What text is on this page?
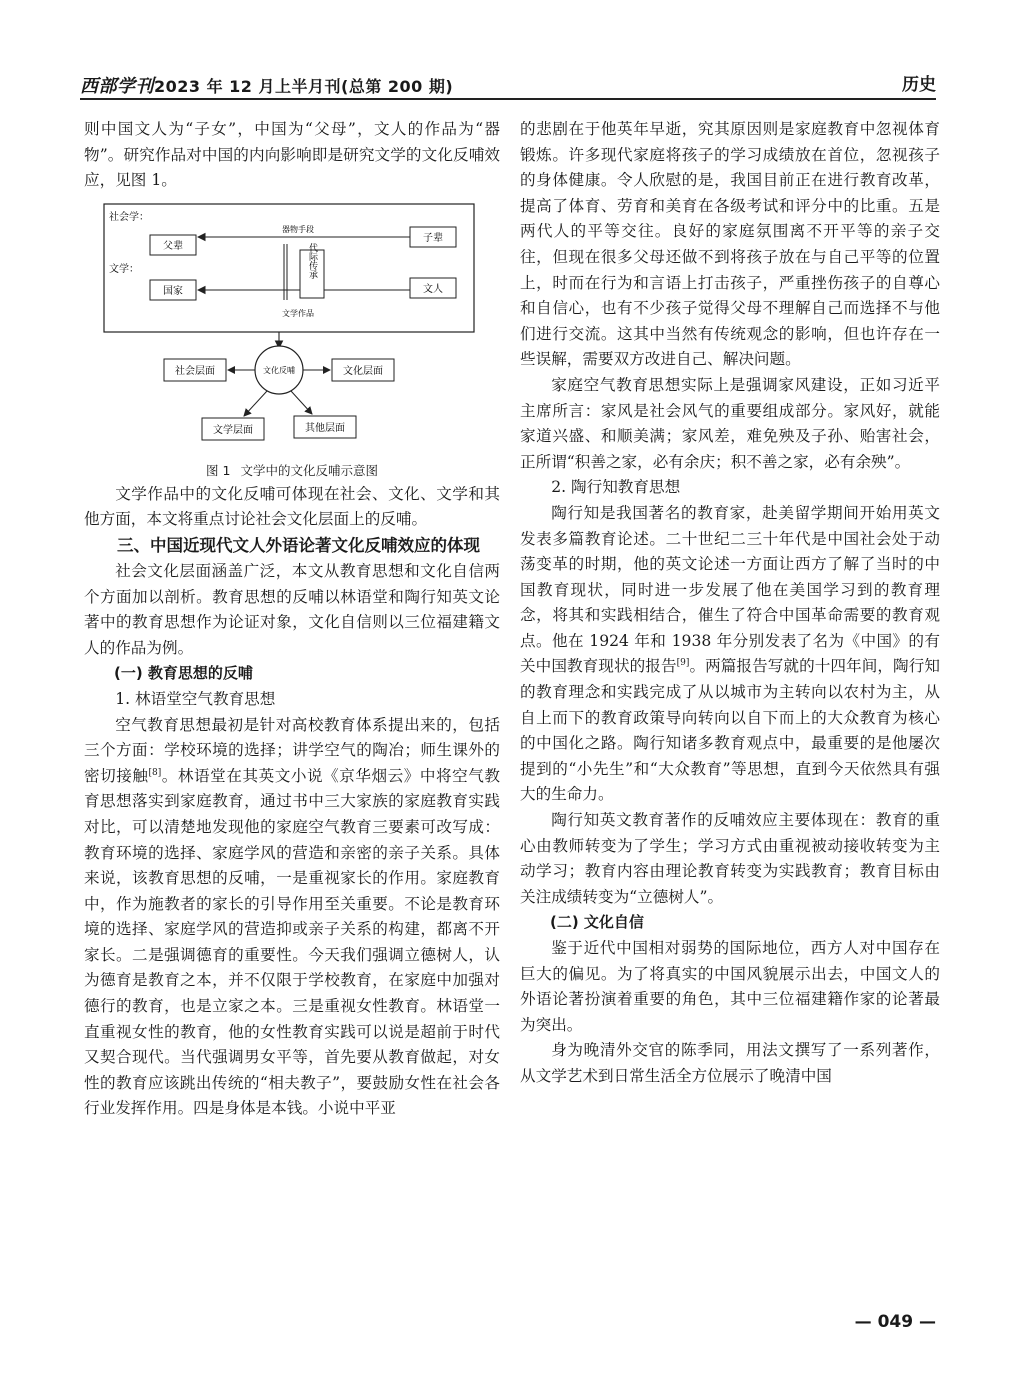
西部学刊2023 年 12 月上半月刊(总第 200 期)	历史

则中国文人为“子女”，中国为“父母”，文人的作品为“器物”。研究作品对中国的内向影响即是研究文学的文化反哺效应，见图 1。

社会学：
文学：
父辈
子辈
国家	文人
器物手段
文学作品
代际传承
文化反哺
社会层面	文化层面
文学层面	其他层面

图 1 文学中的文化反哺示意图

文学作品中的文化反哺可体现在社会、文化、文学和其他方面，本文将重点讨论社会文化层面上的反哺。

三、中国近现代文人外语论著文化反哺效应的体现

社会文化层面涵盖广泛，本文从教育思想和文化自信两个方面加以剖析。教育思想的反哺以林语堂和陶行知英文论著中的教育思想作为论证对象，文化自信则以三位福建籍文人的作品为例。

(一) 教育思想的反哺

1. 林语堂空气教育思想

空气教育思想最初是针对高校教育体系提出来的，包括三个方面：学校环境的选择；讲学空气的陶冶；师生课外的密切接触[8]。林语堂在其英文小说《京华烟云》中将空气教育思想落实到家庭教育，通过书中三大家族的家庭教育实践对比，可以清楚地发现他的家庭空气教育三要素可改写成：教育环境的选择、家庭学风的营造和亲密的亲子关系。具体来说，该教育思想的反哺，一是重视家长的作用。家庭教育中，作为施教者的家长的引导作用至关重要。不论是教育环境的选择、家庭学风的营造抑或亲子关系的构建，都离不开家长。二是强调德育的重要性。今天我们强调立德树人，认为德育是教育之本，并不仅限于学校教育，在家庭中加强对德行的教育，也是立家之本。三是重视女性教育。林语堂一直重视女性的教育，他的女性教育实践可以说是超前于时代又契合现代。当代强调男女平等，首先要从教育做起，对女性的教育应该跳出传统的“相夫教子”，要鼓励女性在社会各行业发挥作用。四是身体是本钱。小说中平亚

的悲剧在于他英年早逝，究其原因则是家庭教育中忽视体育锻炼。许多现代家庭将孩子的学习成绩放在首位，忽视孩子的身体健康。令人欣慰的是，我国目前正在进行教育改革，提高了体育、劳育和美育在各级考试和评分中的比重。五是两代人的平等交往。良好的家庭氛围离不开平等的亲子交往，但现在很多父母还做不到将孩子放在与自己平等的位置上，时而在行为和言语上打击孩子，严重挫伤孩子的自尊心和自信心，也有不少孩子觉得父母不理解自己而选择不与他们进行交流。这其中当然有传统观念的影响，但也许存在一些误解，需要双方改进自己、解决问题。

家庭空气教育思想实际上是强调家风建设，正如习近平主席所言：家风是社会风气的重要组成部分。家风好，就能家道兴盛、和顺美满；家风差，难免殃及子孙、贻害社会，正所谓“积善之家，必有余庆；积不善之家，必有余殃”。

2. 陶行知教育思想

陶行知是我国著名的教育家，赴美留学期间开始用英文发表多篇教育论述。二十世纪二三十年代是中国社会处于动荡变革的时期，他的英文论述一方面让西方了解了当时的中国教育现状，同时进一步发展了他在美国学习到的教育理念，将其和实践相结合，催生了符合中国革命需要的教育观点。他在 1924 年和 1938 年分别发表了名为《中国》的有关中国教育现状的报告[9]。两篇报告写就的十四年间，陶行知的教育理念和实践完成了从以城市为主转向以农村为主，从自上而下的教育政策导向转向以自下而上的大众教育为核心的中国化之路。陶行知诸多教育观点中，最重要的是他屡次提到的“小先生”和“大众教育”等思想，直到今天依然具有强大的生命力。

陶行知英文教育著作的反哺效应主要体现在：教育的重心由教师转变为了学生；学习方式由重视被动接收转变为主动学习；教育内容由理论教育转变为实践教育；教育目标由关注成绩转变为“立德树人”。

(二) 文化自信

鉴于近代中国相对弱势的国际地位，西方人对中国存在巨大的偏见。为了将真实的中国风貌展示出去，中国文人的外语论著扮演着重要的角色，其中三位福建籍作家的论著最为突出。

身为晚清外交官的陈季同，用法文撰写了一系列著作，从文学艺术到日常生活全方位展示了晚清中国

— 049 —
